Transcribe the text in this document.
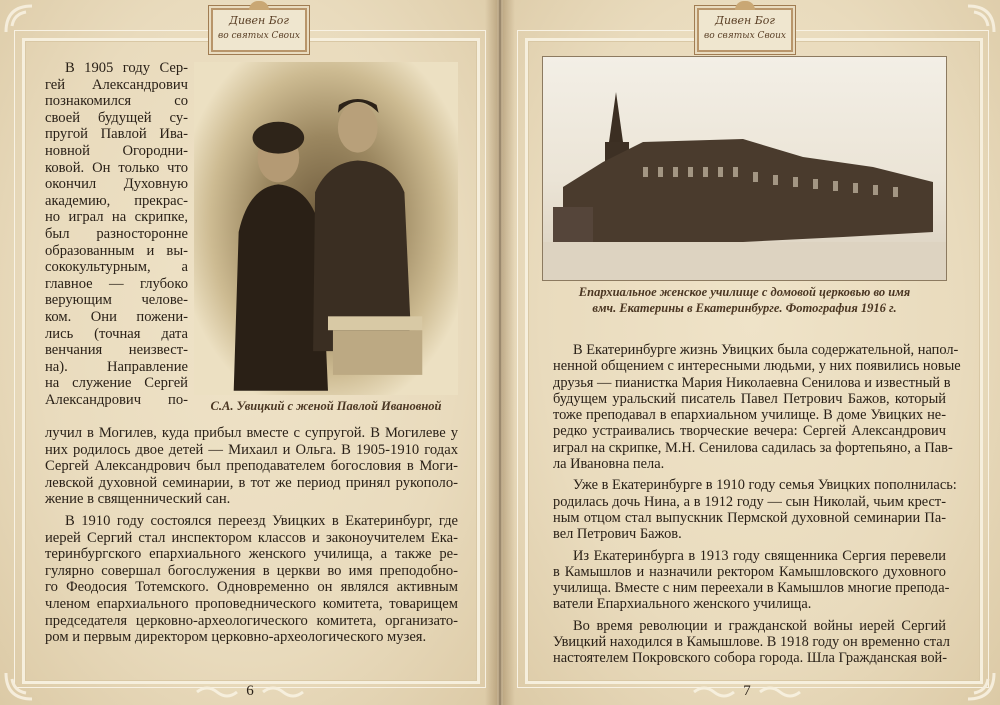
Дивен Бог
во святых Своих
В 1905 году Сер-
гей Александрович
познакомился со
своей будущей су-
пругой Павлой Ива-
новной Огородни-
ковой. Он только что
окончил Духовную
академию, прекрас-
но играл на скрипке,
был разносторонне
образованным и вы-
сококультурным, а
главное — глубоко
верующим челове-
ком. Они пожени-
лись (точная дата
венчания неизвест-
на). Направление
на служение Сергей
Александрович по-	С.А. Увицкий с женой Павлой Ивановной
лучил в Могилев, куда прибыл вместе с супругой. В Могилеве у
них родилось двое детей — Михаил и Ольга. В 1905-1910 годах
Сергей Александрович был преподавателем богословия в Моги-
левской духовной семинарии, в тот же период принял рукополо-
жение в священнический сан.
В 1910 году состоялся переезд Увицких в Екатеринбург, где
иерей Сергий стал инспектором классов и законоучителем Ека-
теринбургского епархиального женского училища, а также ре-
гулярно совершал богослужения в церкви во имя преподобно-
го Феодосия Тотемского. Одновременно он являлся активным
членом епархиального проповеднического комитета, товарищем
председателя церковно-археологического комитета, организато-
ром и первым директором церковно-археологического музея.
6
Дивен Бог
во святых Своих
Епархиальное женское училище с домовой церковью во имя
вмч. Екатерины в Екатеринбурге. Фотография 1916 г.
В Екатеринбурге жизнь Увицких была содержательной, напол-
ненной общением с интересными людьми, у них появились новые
друзья — пианистка Мария Николаевна Сенилова и известный в
будущем уральский писатель Павел Петрович Бажов, который
тоже преподавал в епархиальном училище. В доме Увицких не-
редко устраивались творческие вечера: Сергей Александрович
играл на скрипке, М.Н. Сенилова садилась за фортепьяно, а Пав-
ла Ивановна пела.
Уже в Екатеринбурге в 1910 году семья Увицких пополнилась:
родилась дочь Нина, а в 1912 году — сын Николай, чьим крест-
ным отцом стал выпускник Пермской духовной семинарии Па-
вел Петрович Бажов.
Из Екатеринбурга в 1913 году священника Сергия перевели
в Камышлов и назначили ректором Камышловского духовного
училища. Вместе с ним переехали в Камышлов многие препода-
ватели Епархиального женского училища.
Во время революции и гражданской войны иерей Сергий
Увицкий находился в Камышлове. В 1918 году он временно стал
настоятелем Покровского собора города. Шла Гражданская вой-
7
